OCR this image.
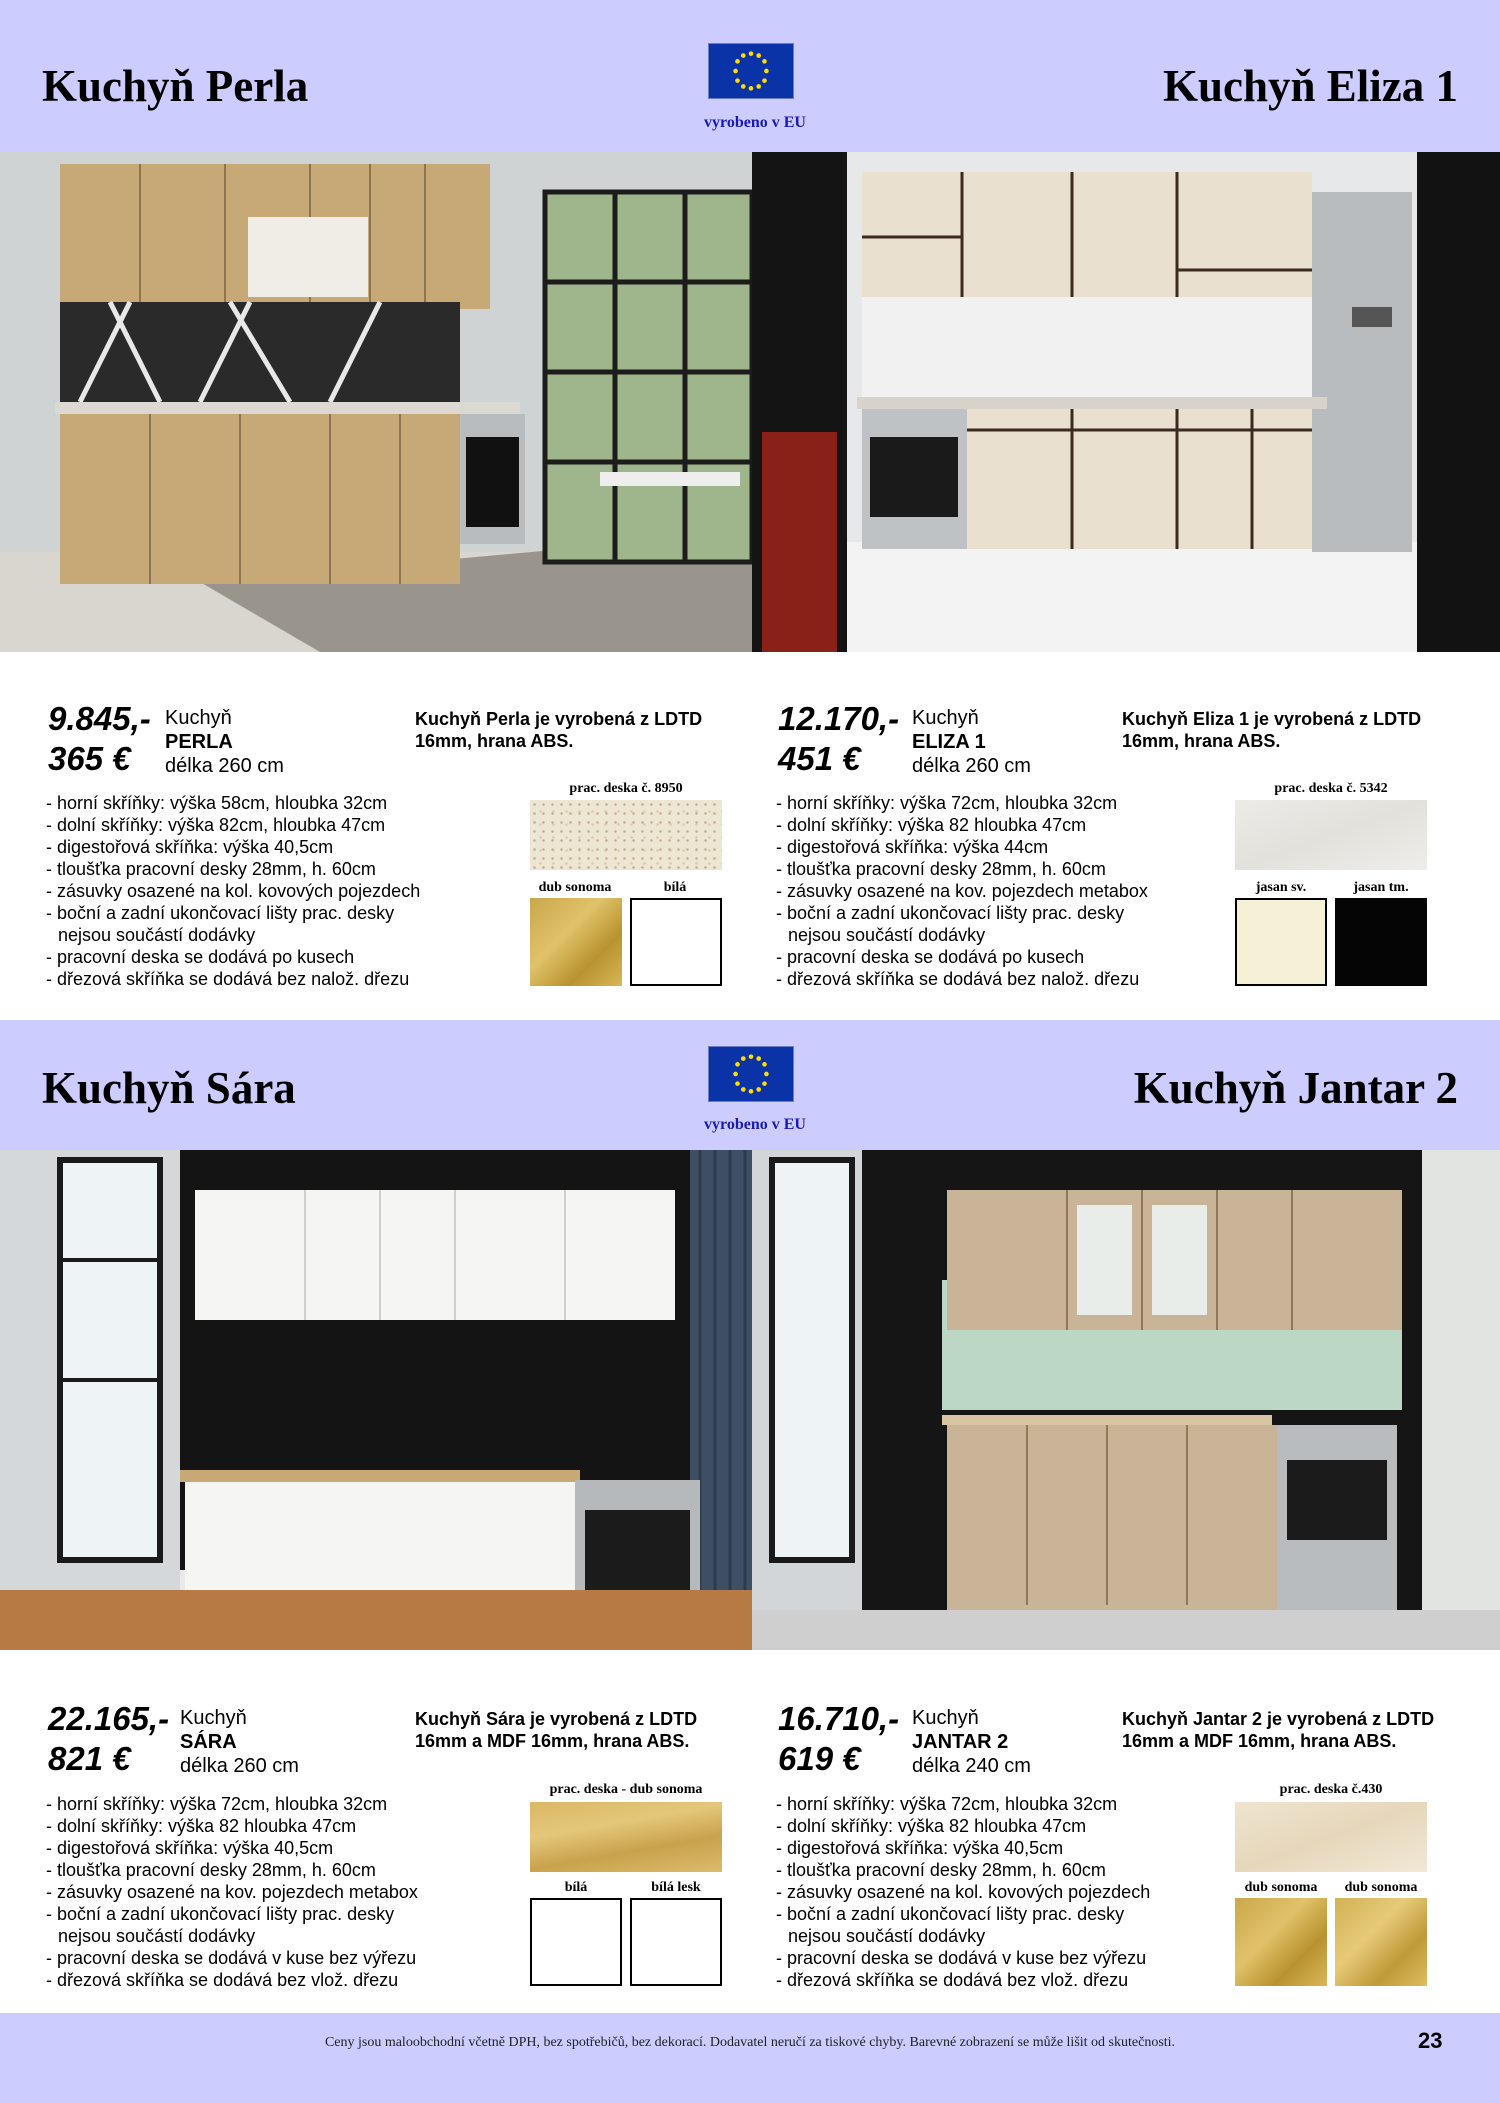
Kuchyň Perla	Kuchyň Eliza 1
vyrobeno v EU
9.845,-
365 €
Kuchyň
PERLA
délka 260 cm
Kuchyň Perla je vyrobená z LDTD 16mm, hrana ABS.
- horní skříňky: výška 58cm, hloubka 32cm
- dolní skříňky: výška 82cm, hloubka 47cm
- digestořová skříňka: výška 40,5cm
- tloušťka pracovní desky 28mm, h. 60cm
- zásuvky osazené na kol. kovových pojezdech
- boční a zadní ukončovací lišty prac. desky
nejsou součástí dodávky
- pracovní deska se dodává po kusech
- dřezová skříňka se dodává bez nalož. dřezu
prac. deska č. 8950
dub sonoma	bílá
12.170,-
451 €
Kuchyň
ELIZA 1
délka 260 cm
Kuchyň Eliza 1 je vyrobená z LDTD 16mm, hrana ABS.
- horní skříňky: výška 72cm, hloubka 32cm
- dolní skříňky: výška 82 hloubka 47cm
- digestořová skříňka: výška 44cm
- tloušťka pracovní desky 28mm, h. 60cm
- zásuvky osazené na kov. pojezdech metabox
- boční a zadní ukončovací lišty prac. desky
nejsou součástí dodávky
- pracovní deska se dodává po kusech
- dřezová skříňka se dodává bez nalož. dřezu
prac. deska č. 5342
jasan sv.	jasan tm.
Kuchyň Sára	Kuchyň Jantar 2
vyrobeno v EU
22.165,-
821 €
Kuchyň
SÁRA
délka 260 cm
Kuchyň Sára je vyrobená z LDTD 16mm a MDF 16mm, hrana ABS.
- horní skříňky: výška 72cm, hloubka 32cm
- dolní skříňky: výška 82 hloubka 47cm
- digestořová skříňka: výška 40,5cm
- tloušťka pracovní desky 28mm, h. 60cm
- zásuvky osazené na kov. pojezdech metabox
- boční a zadní ukončovací lišty prac. desky
nejsou součástí dodávky
- pracovní deska se dodává v kuse bez výřezu
- dřezová skříňka se dodává bez vlož. dřezu
prac. deska - dub sonoma
bílá	bílá lesk
16.710,-
619 €
Kuchyň
JANTAR 2
délka 240 cm
Kuchyň Jantar 2 je vyrobená z LDTD 16mm a MDF 16mm, hrana ABS.
- horní skříňky: výška 72cm, hloubka 32cm
- dolní skříňky: výška 82 hloubka 47cm
- digestořová skříňka: výška 40,5cm
- tloušťka pracovní desky 28mm, h. 60cm
- zásuvky osazené na kol. kovových pojezdech
- boční a zadní ukončovací lišty prac. desky
nejsou součástí dodávky
- pracovní deska se dodává v kuse bez výřezu
- dřezová skříňka se dodává bez vlož. dřezu
prac. deska č.430
dub sonoma	dub sonoma
Ceny jsou maloobchodní včetně DPH, bez spotřebičů, bez dekorací. Dodavatel neručí za tiskové chyby. Barevné zobrazení se může lišit od skutečnosti.	23
